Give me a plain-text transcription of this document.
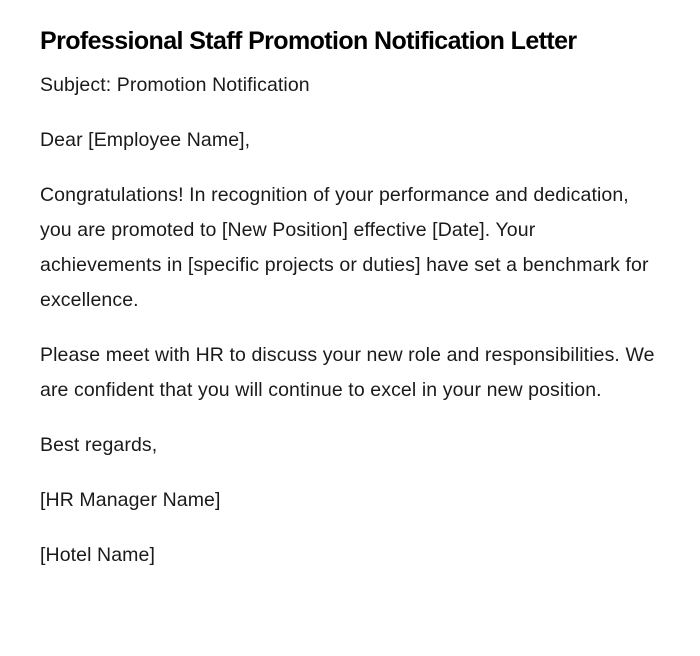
Professional Staff Promotion Notification Letter

Subject: Promotion Notification

Dear [Employee Name],

Congratulations! In recognition of your performance and dedication, you are promoted to [New Position] effective [Date]. Your achievements in [specific projects or duties] have set a benchmark for excellence.

Please meet with HR to discuss your new role and responsibilities. We are confident that you will continue to excel in your new position.

Best regards,

[HR Manager Name]

[Hotel Name]
